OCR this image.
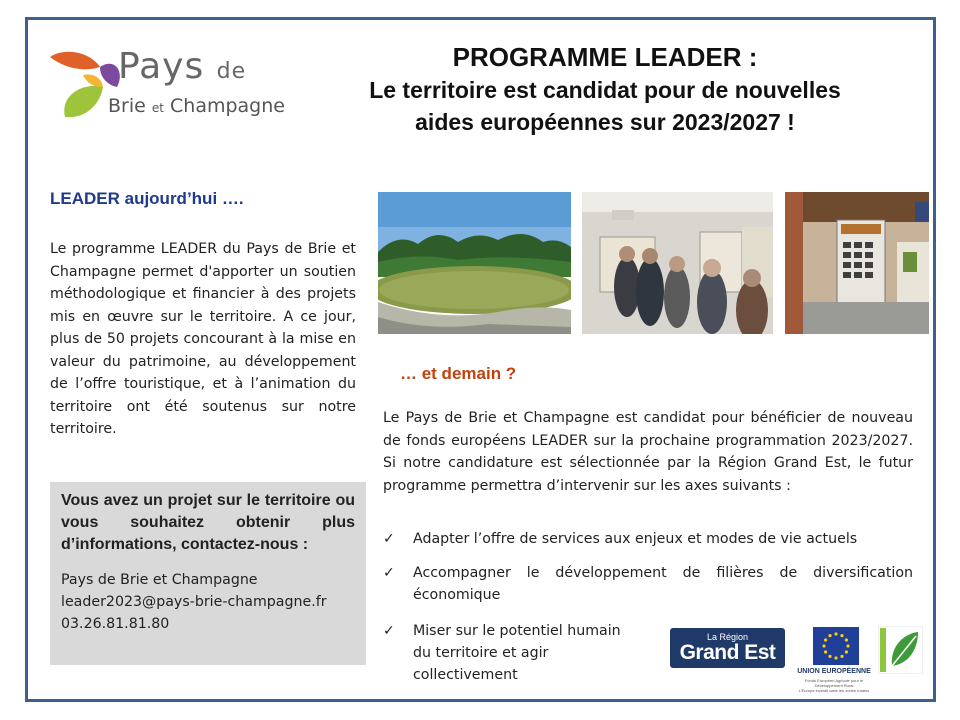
Pays de
Brie et Champagne
PROGRAMME LEADER :
Le territoire est candidat pour de nouvelles
aides européennes sur 2023/2027 !
LEADER aujourd’hui ….
Le programme LEADER du Pays de Brie et Champagne permet d'apporter un soutien méthodologique et financier à des projets mis en œuvre sur le territoire. A ce jour, plus de 50 projets concourant à la mise en valeur du patrimoine, au développement de l’offre touristique, et à l’animation du territoire ont été soutenus sur notre territoire.
Vous avez un projet sur le territoire ou vous souhaitez obtenir plus d’informations, contactez-nous :
Pays de Brie et Champagne
leader2023@pays-brie-champagne.fr
03.26.81.81.80
… et demain ?
Le Pays de Brie et Champagne est candidat pour bénéficier de nouveau de fonds européens LEADER sur la prochaine programmation 2023/2027. Si notre candidature est sélectionnée par la Région Grand Est, le futur programme permettra d’intervenir sur les axes suivants :
✓ Adapter l’offre de services aux enjeux et modes de vie actuels
✓ Accompagner le développement de filières de diversification économique
✓ Miser sur le potentiel humain du territoire et agir collectivement
La Région
Grand Est
UNION EUROPÉENNE
Fonds Européen Agricole pour le Développement Rural
L’Europe investit dans les zones rurales
